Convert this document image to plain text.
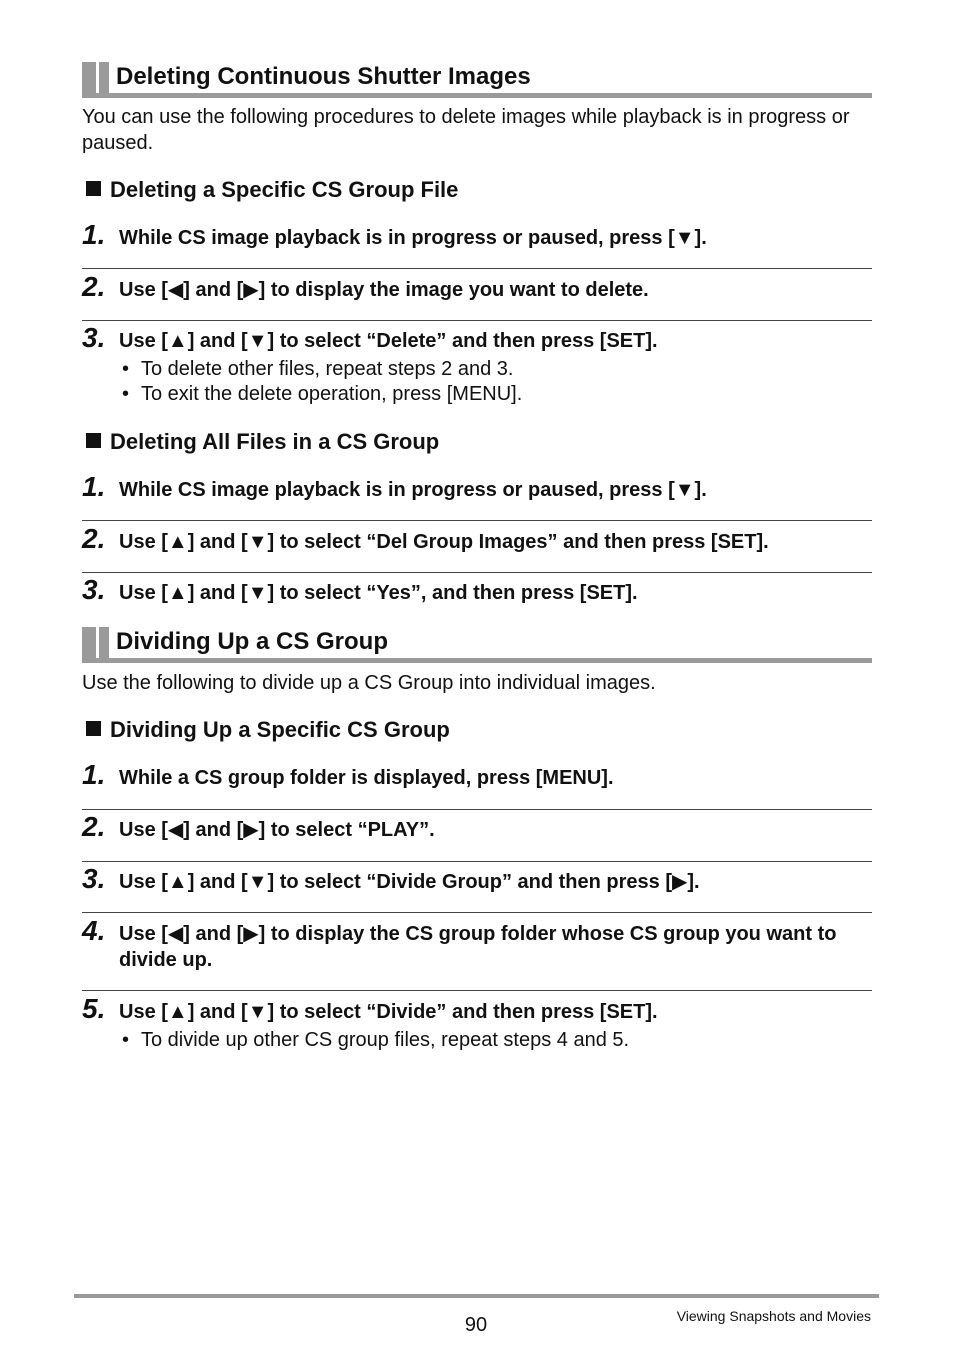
Deleting Continuous Shutter Images
You can use the following procedures to delete images while playback is in progress or paused.
Deleting a Specific CS Group File
1. While CS image playback is in progress or paused, press [▼].
2. Use [◀] and [▶] to display the image you want to delete.
3. Use [▲] and [▼] to select “Delete” and then press [SET].
• To delete other files, repeat steps 2 and 3.
• To exit the delete operation, press [MENU].
Deleting All Files in a CS Group
1. While CS image playback is in progress or paused, press [▼].
2. Use [▲] and [▼] to select “Del Group Images” and then press [SET].
3. Use [▲] and [▼] to select “Yes”, and then press [SET].
Dividing Up a CS Group
Use the following to divide up a CS Group into individual images.
Dividing Up a Specific CS Group
1. While a CS group folder is displayed, press [MENU].
2. Use [◀] and [▶] to select “PLAY”.
3. Use [▲] and [▼] to select “Divide Group” and then press [▶].
4. Use [◀] and [▶] to display the CS group folder whose CS group you want to divide up.
5. Use [▲] and [▼] to select “Divide” and then press [SET].
• To divide up other CS group files, repeat steps 4 and 5.
90	Viewing Snapshots and Movies
